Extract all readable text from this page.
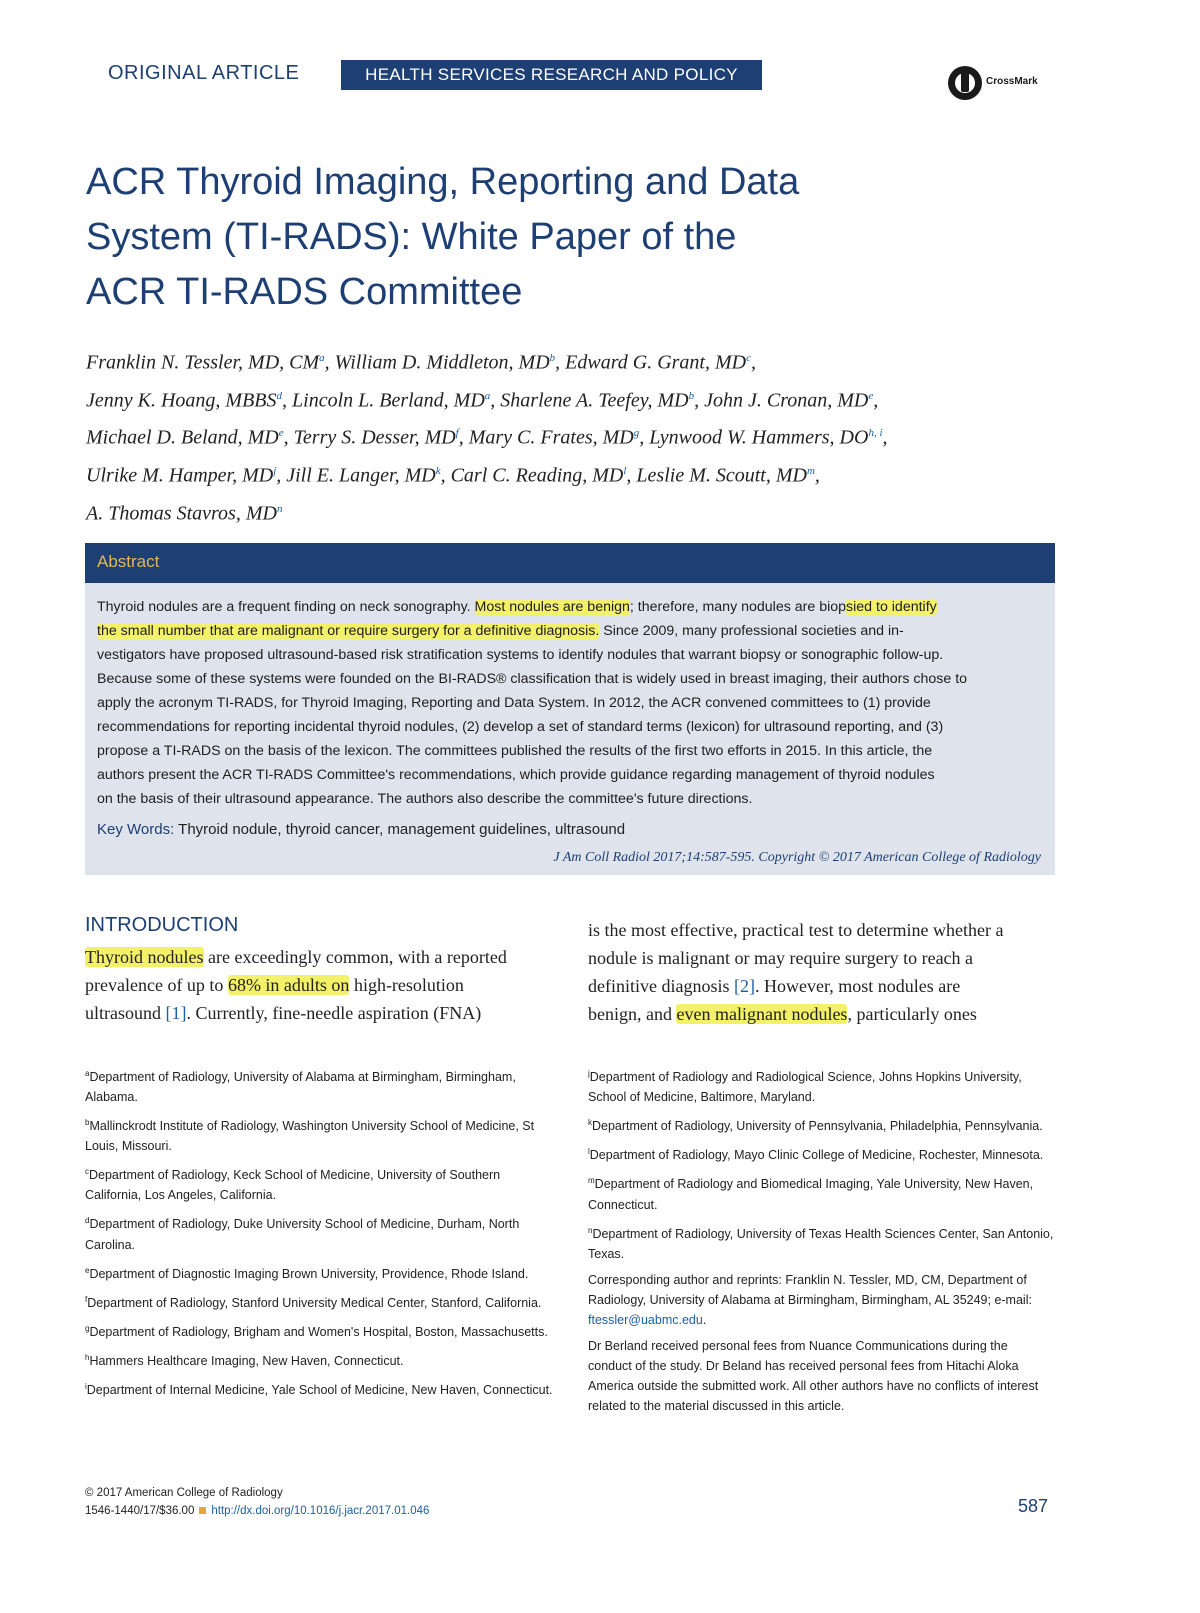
ORIGINAL ARTICLE	HEALTH SERVICES RESEARCH AND POLICY	CrossMark
ACR Thyroid Imaging, Reporting and Data
System (TI-RADS): White Paper of the
ACR TI-RADS Committee
Franklin N. Tessler, MD, CM$^a$, William D. Middleton, MD$^b$, Edward G. Grant, MD$^c$,
Jenny K. Hoang, MBBS$^d$, Lincoln L. Berland, MD$^a$, Sharlene A. Teefey, MD$^b$, John J. Cronan, MDe,
Michael D. Beland, MDe, Terry S. Desser, MD$^f$, Mary C. Frates, MD$^g$, Lynwood W. Hammers, DO$^{h, i}$,
Ulrike M. Hamper, MD$^j$, Jill E. Langer, MD$^k$, Carl C. Reading, MD$^l$, Leslie M. Scoutt, MD$^m$,
A. Thomas Stavros, MD$^n$
Abstract
Thyroid nodules are a frequent finding on neck sonography. Most nodules are benign; therefore, many nodules are biopsied to identify
the small number that are malignant or require surgery for a definitive diagnosis. Since 2009, many professional societies and in-
vestigators have proposed ultrasound-based risk stratification systems to identify nodules that warrant biopsy or sonographic follow-up.
Because some of these systems were founded on the BI-RADS® classification that is widely used in breast imaging, their authors chose to
apply the acronym TI-RADS, for Thyroid Imaging, Reporting and Data System. In 2012, the ACR convened committees to (1) provide
recommendations for reporting incidental thyroid nodules, (2) develop a set of standard terms (lexicon) for ultrasound reporting, and (3)
propose a TI-RADS on the basis of the lexicon. The committees published the results of the first two efforts in 2015. In this article, the
authors present the ACR TI-RADS Committee's recommendations, which provide guidance regarding management of thyroid nodules
on the basis of their ultrasound appearance. The authors also describe the committee's future directions.
Key Words: Thyroid nodule, thyroid cancer, management guidelines, ultrasound
J Am Coll Radiol 2017;14:587-595. Copyright © 2017 American College of Radiology
INTRODUCTION
Thyroid nodules are exceedingly common, with a reported
prevalence of up to 68% in adults on high-resolution
ultrasound [1]. Currently, fine-needle aspiration (FNA)
is the most effective, practical test to determine whether a
nodule is malignant or may require surgery to reach a
definitive diagnosis [2]. However, most nodules are
benign, and even malignant nodules, particularly ones
$^a$Department of Radiology, University of Alabama at Birmingham, Birmingham, Alabama.
$^b$Mallinckrodt Institute of Radiology, Washington University School of Medicine, St Louis, Missouri.
$^c$Department of Radiology, Keck School of Medicine, University of Southern California, Los Angeles, California.
$^d$Department of Radiology, Duke University School of Medicine, Durham, North Carolina.
$^e$Department of Diagnostic Imaging Brown University, Providence, Rhode Island.
$^f$Department of Radiology, Stanford University Medical Center, Stanford, California.
$^g$Department of Radiology, Brigham and Women's Hospital, Boston, Massachusetts.
$^h$Hammers Healthcare Imaging, New Haven, Connecticut.
$^i$Department of Internal Medicine, Yale School of Medicine, New Haven, Connecticut.
$^j$Department of Radiology and Radiological Science, Johns Hopkins University, School of Medicine, Baltimore, Maryland.
$^k$Department of Radiology, University of Pennsylvania, Philadelphia, Pennsylvania.
$^l$Department of Radiology, Mayo Clinic College of Medicine, Rochester, Minnesota.
$^m$Department of Radiology and Biomedical Imaging, Yale University, New Haven, Connecticut.
$^n$Department of Radiology, University of Texas Health Sciences Center, San Antonio, Texas.
Corresponding author and reprints: Franklin N. Tessler, MD, CM, Department of Radiology, University of Alabama at Birmingham, Birmingham, AL 35249; e-mail: ftessler@uabmc.edu.
Dr Berland received personal fees from Nuance Communications during the conduct of the study. Dr Beland has received personal fees from Hitachi Aloka America outside the submitted work. All other authors have no conflicts of interest related to the material discussed in this article.
© 2017 American College of Radiology
1546-1440/17/$36.00 http://dx.doi.org/10.1016/j.jacr.2017.01.046	587
